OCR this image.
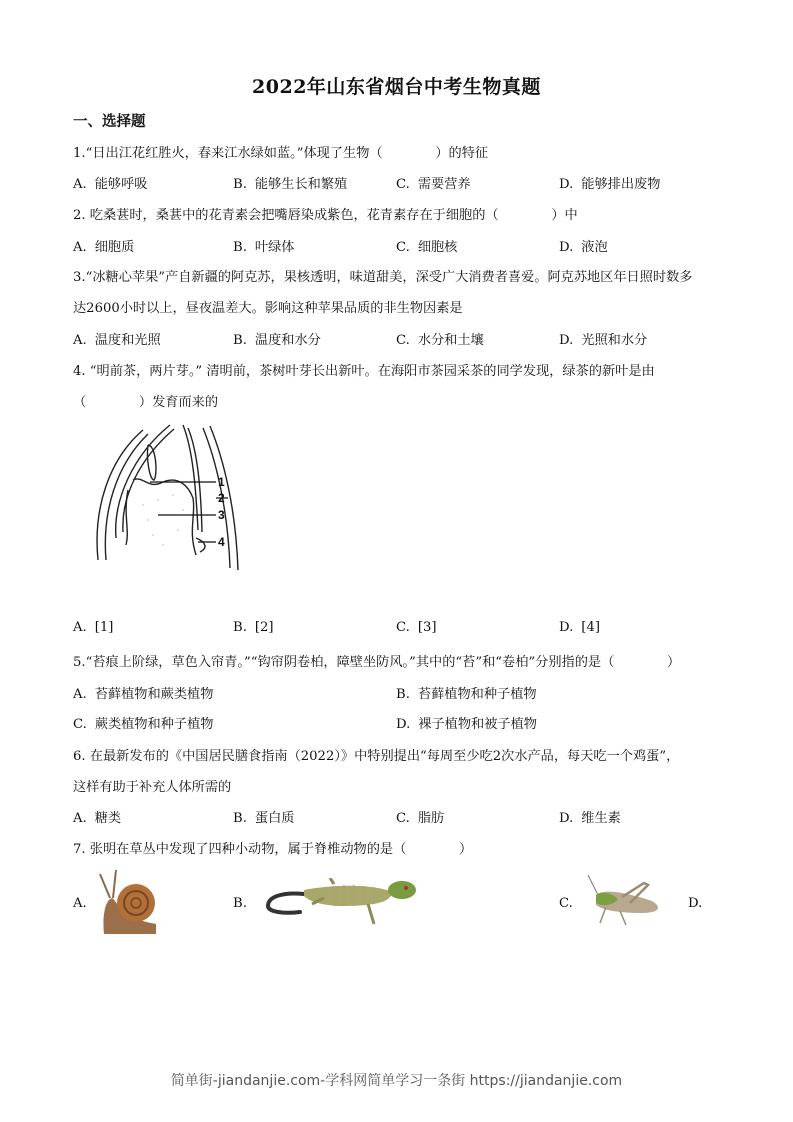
2022年山东省烟台中考生物真题
一、选择题
1.“日出江花红胜火，春来江水绿如蓝。”体现了生物（　　　　）的特征
A. 能够呼吸	B. 能够生长和繁殖	C. 需要营养	D. 能够排出废物
2. 吃桑葚时，桑葚中的花青素会把嘴唇染成紫色，花青素存在于细胞的（　　　　）中
A. 细胞质	B. 叶绿体	C. 细胞核	D. 液泡
3.“冰糖心苹果”产自新疆的阿克苏，果核透明，味道甜美，深受广大消费者喜爱。阿克苏地区年日照时数多
达2600小时以上，昼夜温差大。影响这种苹果品质的非生物因素是
A. 温度和光照	B. 温度和水分	C. 水分和土壤	D. 光照和水分
4. “明前茶，两片芽。” 清明前，茶树叶芽长出新叶。在海阳市茶园采茶的同学发现，绿茶的新叶是由
（　　　　）发育而来的
1
2
3
4
A. [1]	B. [2]	C. [3]	D. [4]
5.“苔痕上阶绿，草色入帘青。”“钩帘阴卷柏，障壁坐防风。”其中的“苔”和“卷柏”分别指的是（　　　　）
A. 苔藓植物和蕨类植物	B. 苔藓植物和种子植物
C. 蕨类植物和种子植物	D. 裸子植物和被子植物
6. 在最新发布的《中国居民膳食指南（2022）》中特别提出“每周至少吃2次水产品，每天吃一个鸡蛋”，
这样有助于补充人体所需的
A. 糖类	B. 蛋白质	C. 脂肪	D. 维生素
7. 张明在草丛中发现了四种小动物，属于脊椎动物的是（　　　　）
A.	B.	C.	D.
简单街-jiandanjie.com-学科网简单学习一条街 https://jiandanjie.com
